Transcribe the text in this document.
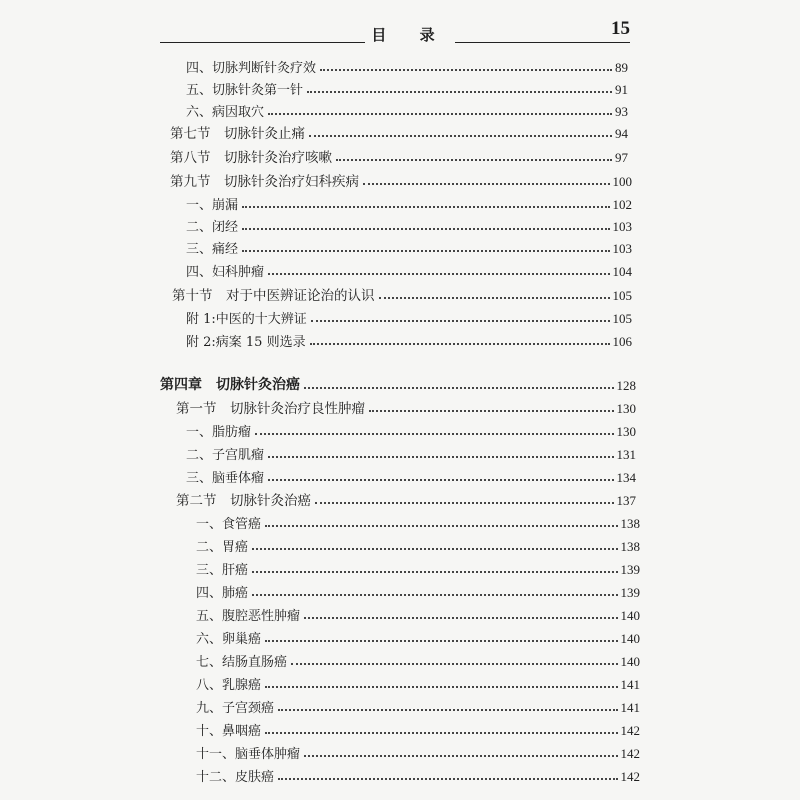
目 录	15
四、切脉判断针灸疗效	89
五、切脉针灸第一针	91
六、病因取穴	93
第七节　切脉针灸止痛	94
第八节　切脉针灸治疗咳嗽	97
第九节　切脉针灸治疗妇科疾病	100
一、崩漏	102
二、闭经	103
三、痛经	103
四、妇科肿瘤	104
第十节　对于中医辨证论治的认识	105
附 1:中医的十大辨证	105
附 2:病案 15 则选录	106
第四章　切脉针灸治癌	128
第一节　切脉针灸治疗良性肿瘤	130
一、脂肪瘤	130
二、子宫肌瘤	131
三、脑垂体瘤	134
第二节　切脉针灸治癌	137
一、食管癌	138
二、胃癌	138
三、肝癌	139
四、肺癌	139
五、腹腔恶性肿瘤	140
六、卵巢癌	140
七、结肠直肠癌	140
八、乳腺癌	141
九、子宫颈癌	141
十、鼻咽癌	142
十一、脑垂体肿瘤	142
十二、皮肤癌	142
